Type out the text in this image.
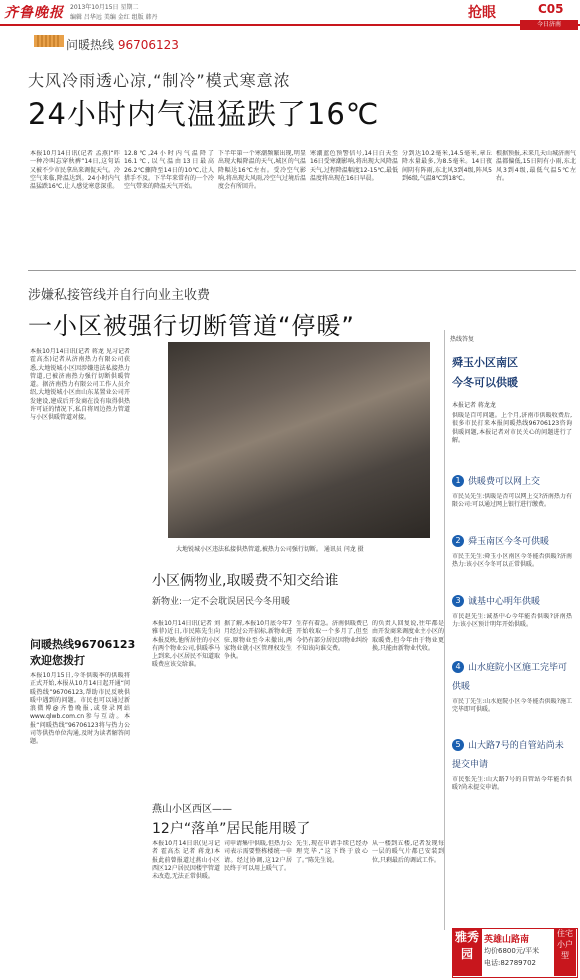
齐鲁晚报 2013年10月15日 星期二
编辑 吕华远 美编 金红 组版 韩丹	抢眼	C05
今日济南
问暖热线 96706123
大风冷雨透心凉,“制冷”模式寒意浓
24小时内气温猛跌了16℃
本报10月14日讯(记者 孟燕)“昨一种冷叫忘穿秋裤”14日,这句话又被不少市民拿出来调侃天气。冷空气来临,降温达到。24小时内气温猛跌16℃,让人感觉寒意深重。
12.8℃,24小时内气温降了16.1℃,以气温由13日最高26.2℃骤降至14日的10℃,让人措手不及。下半年来常有的一个冷空气带来的降温天气开始。
下半年第一个寒潮频繁出现,明显出现大幅降温的天气,城区的气温降幅达16℃左右。受冷空气影响,将出现大风雨,冷空气过境后温度会有所回升。
寒潮蓝色预警信号,14日白天至16日受寒潮影响,将出现大风降温天气,过程降温幅度12-15℃,最低温度将出现在16日早晨。
分到达10.2毫米,14.5毫米,章丘降水量最多,为8.5毫米。14日夜间阴有阵雨,东北风3到4级,阵风5到6级,气温8℃到18℃。
根据预报,未来几天山城济南气温都偏低,15日阴有小雨,东北风3到4级,最低气温5℃左右。
涉嫌私接管线并自行向业主收费
一小区被强行切断管道“停暖”
本报10月14日讯(记者 蒋龙 见习记者 霍高杰)记者从济南热力有限公司获悉,大地锐城小区因涉嫌违法私接热力管道,已被济南热力强行切断供暖管道。据济南热力有限公司工作人员介绍,大地锐城小区由山东某置业公司开发建设,建成后开发商在没有取得供热许可证的情况下,私自将周边热力管道与小区供暖管道对接。
大地锐城小区违法私接供热管道,被热力公司强行切断。 通讯员 闫龙 摄
热线答复
舜玉小区南区
今冬可以供暖
本报记者 蒋龙龙
供暖是百可问题。上个月,济南市供暖收费后,很多市民打来本报问暖热线96706123咨询供暖问题,本报记者对市民关心的问题进行了解。
1 供暖费可以网上交
市民吴先生:供暖是否可以网上交?济南热力有限公司:可以通过网上银行进行缴费。
2 舜玉南区今冬可供暖
市民王先生:舜玉小区南区今冬能否供暖?济南热力:该小区今冬可以正常供暖。
3 诚基中心明年供暖
市民赵先生:诚基中心今年能否供暖?济南热力:该小区预计明年开始供暖。
4 山水庭院小区施工完毕可供暖
市民丁先生:山水庭院小区今冬能否供暖?施工完毕即可供暖。
5 山大路7号的自管站尚未提交申请
市民张先生:山大路7号的自管站今年能否供暖?尚未提交申请。
问暖热线96706123
欢迎您拨打
本报10月15日,今冬供暖季的供暖将正式开始,本报从10月14日起开通“问暖热线”96706123,帮助市民反映供暖中遇到的问题。市民也可以通过新浪微博@齐鲁晚报,或登录网站www.qlwb.com.cn参与互动。本报“问暖热线”96706123将与热力公司等供热单位沟通,及时为读者解答问题。
小区俩物业,取暖费不知交给谁
新物业:一定不会耽误居民今冬用暖
本报10月14日讯(记者 刘雅菲)近日,市民陈先生向本报反映,他所居住的小区有两个物业公司,供暖季马上到来,小区居民不知道取暖费应该交给谁。
据了解,本报10月底今年7月经过公开招标,新物业进驻,原物业至今未撤出,两家物业就小区管理权发生争执。
生存有着急。济南供暖费已开始收取一个多月了,但至今仍有部分居民因物业纠纷不知该向谁交费。
的负责人回复说,往年都是由开发商来调度业主小区的取暖费,但今年由于物业更换,只能由新物业代收。
燕山小区西区——
12户“落单”居民能用暖了
本报10月14日讯(见习记者 霍高杰 记者 蒋龙)本报此前曾报道过燕山小区西区12户居民因楼宇管道未改造,无法正常供暖。
司申请集中供暖,但热力公司表示需要整栋楼统一申请。经过协调,这12户居民终于可以用上暖气了。
先生,现在申请手续已经办理完毕,“这下终于放心了。”陈先生说。
从一楼到五楼,记者发现每一层的暖气片都已安装到位,只剩最后的调试工作。
雅秀园
英雄山路南
均价6800元/平米
电话:82789702
住宅小户型
